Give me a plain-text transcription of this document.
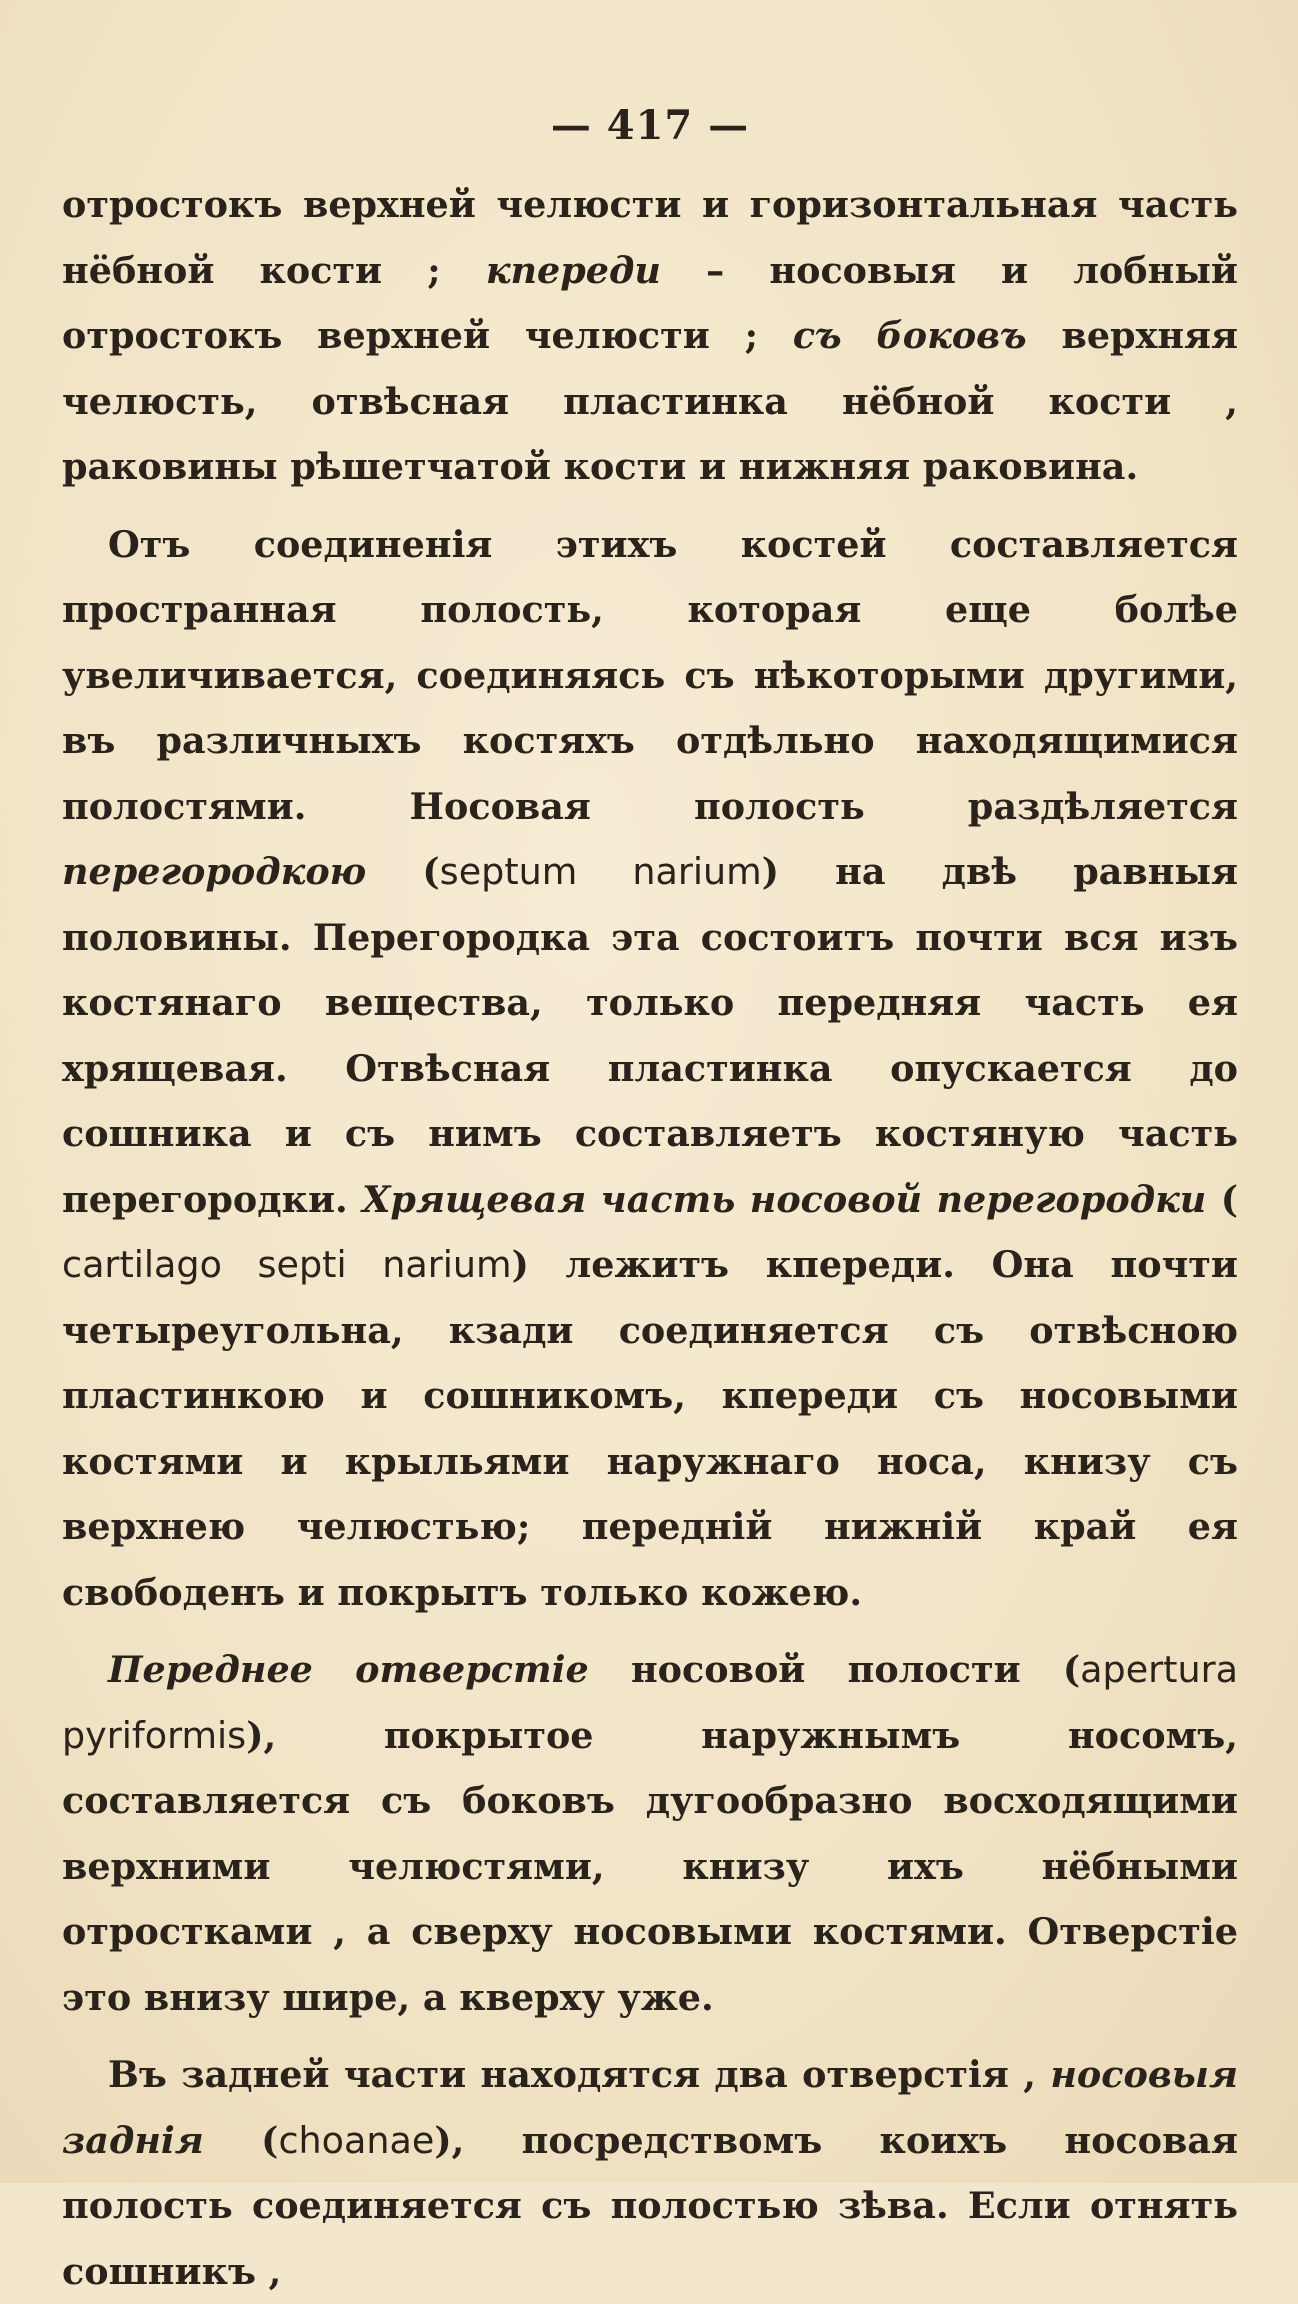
— 417 —

отростокъ верхней челюсти и горизонтальная часть нёбной кости ; кпереди – носовыя и лобный отростокъ верхней челюсти ; съ боковъ верхняя челюсть, отвѣсная пластинка нёбной кости , раковины рѣшетчатой кости и нижняя раковина.

Отъ соединенія этихъ костей составляется пространная полость, которая еще болѣе увеличивается, соединяясь съ нѣкоторыми другими, въ различныхъ костяхъ отдѣльно находящимися полостями. Носовая полость раздѣляется перегородкою (septum narium) на двѣ равныя половины. Перегородка эта состоитъ почти вся изъ костянаго вещества, только передняя часть ея хрящевая. Отвѣсная пластинка опускается до сошника и съ нимъ составляетъ костяную часть перегородки. Хрящевая часть носовой перегородки ( cartilago septi narium) лежитъ кпереди. Она почти четыреугольна, кзади соединяется съ отвѣсною пластинкою и сошникомъ, кпереди съ носовыми костями и крыльями наружнаго носа, книзу съ верхнею челюстью; передній нижній край ея свободенъ и покрытъ только кожею.

Переднее отверстіе носовой полости (apertura pyriformis), покрытое наружнымъ носомъ, составляется съ боковъ дугообразно восходящими верхними челюстями, книзу ихъ нёбными отростками , а сверху носовыми костями. Отверстіе это внизу шире, а кверху уже.

Въ задней части находятся два отверстія , носовыя заднія (choanae), посредствомъ коихъ носовая полость соединяется съ полостью зѣва. Если отнять сошникъ ,
